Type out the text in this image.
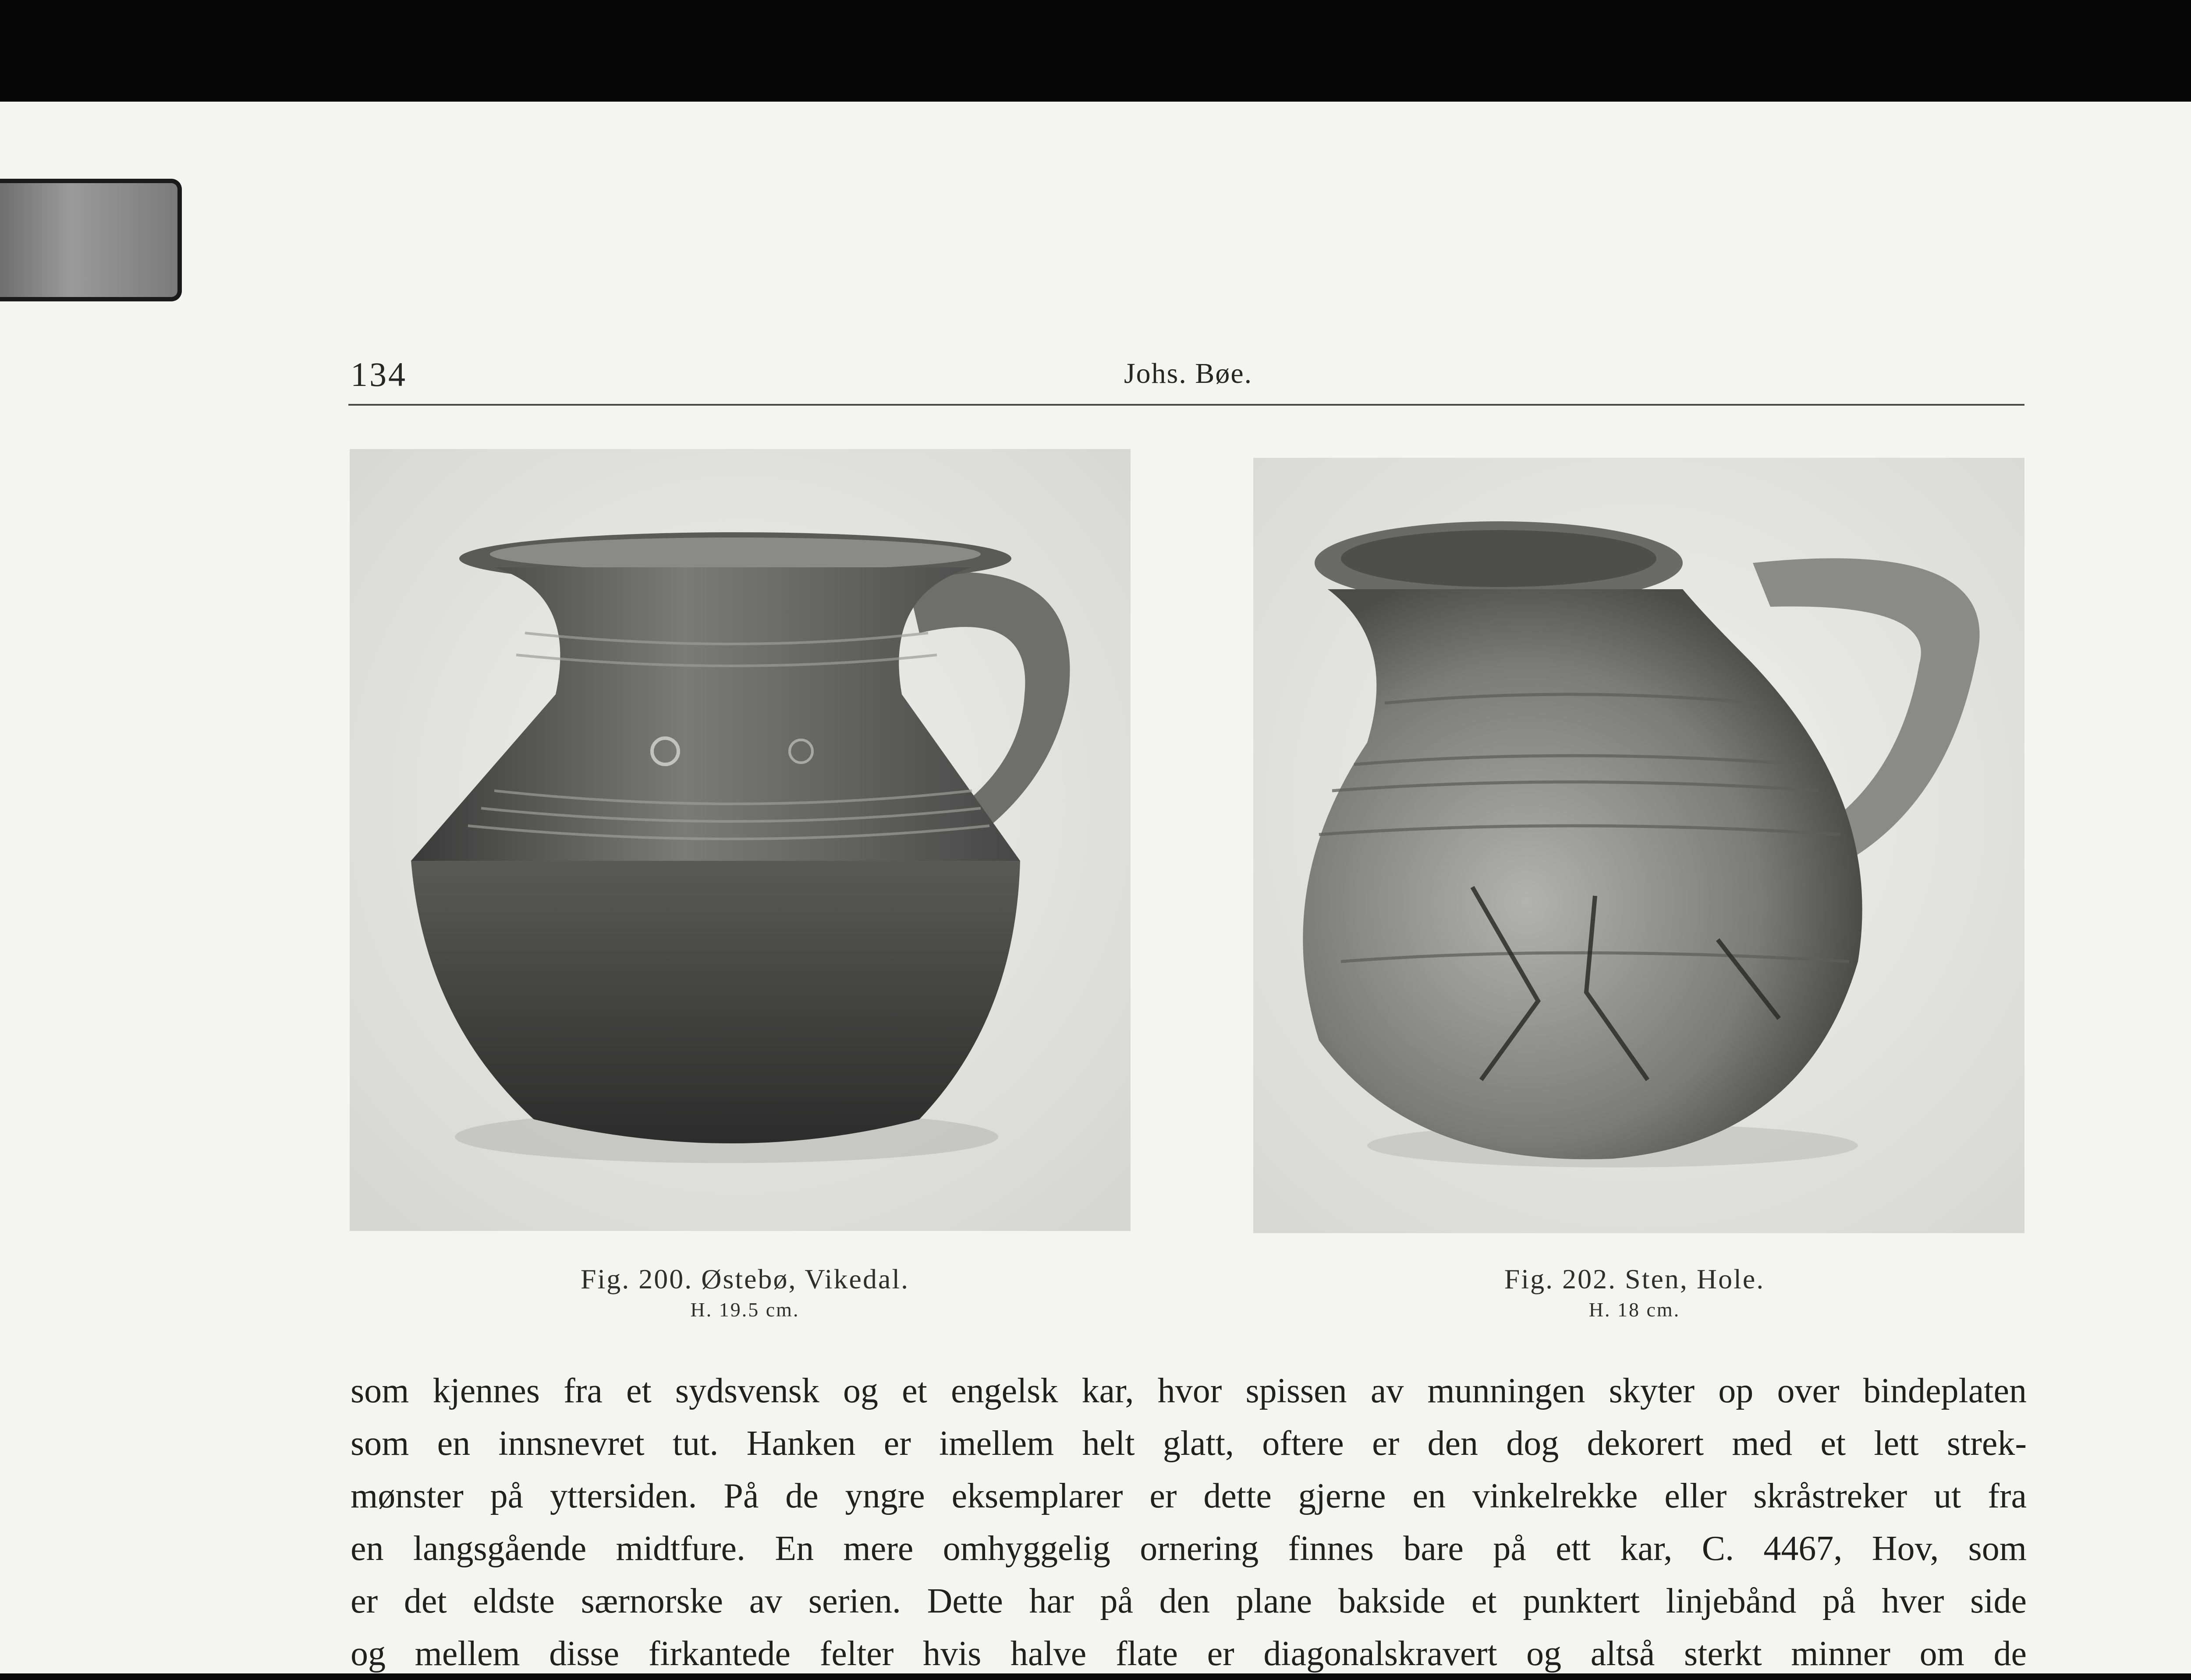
134	Johs. Bøe.
Fig. 200. Østebø, Vikedal.
H. 19.5 cm.
Fig. 202. Sten, Hole.
H. 18 cm.
som kjennes fra et sydsvensk og et engelsk kar, hvor spissen av munningen skyter op over bindeplaten
som en innsnevret tut. Hanken er imellem helt glatt, oftere er den dog dekorert med et lett strek-
mønster på yttersiden. På de yngre eksemplarer er dette gjerne en vinkelrekke eller skråstreker ut fra
en langsgående midtfure. En mere omhyggelig ornering finnes bare på ett kar, C. 4467, Hov, som
er det eldste særnorske av serien. Dette har på den plane bakside et punktert linjebånd på hver side
og mellem disse firkantede felter hvis halve flate er diagonalskravert og altså sterkt minner om de
